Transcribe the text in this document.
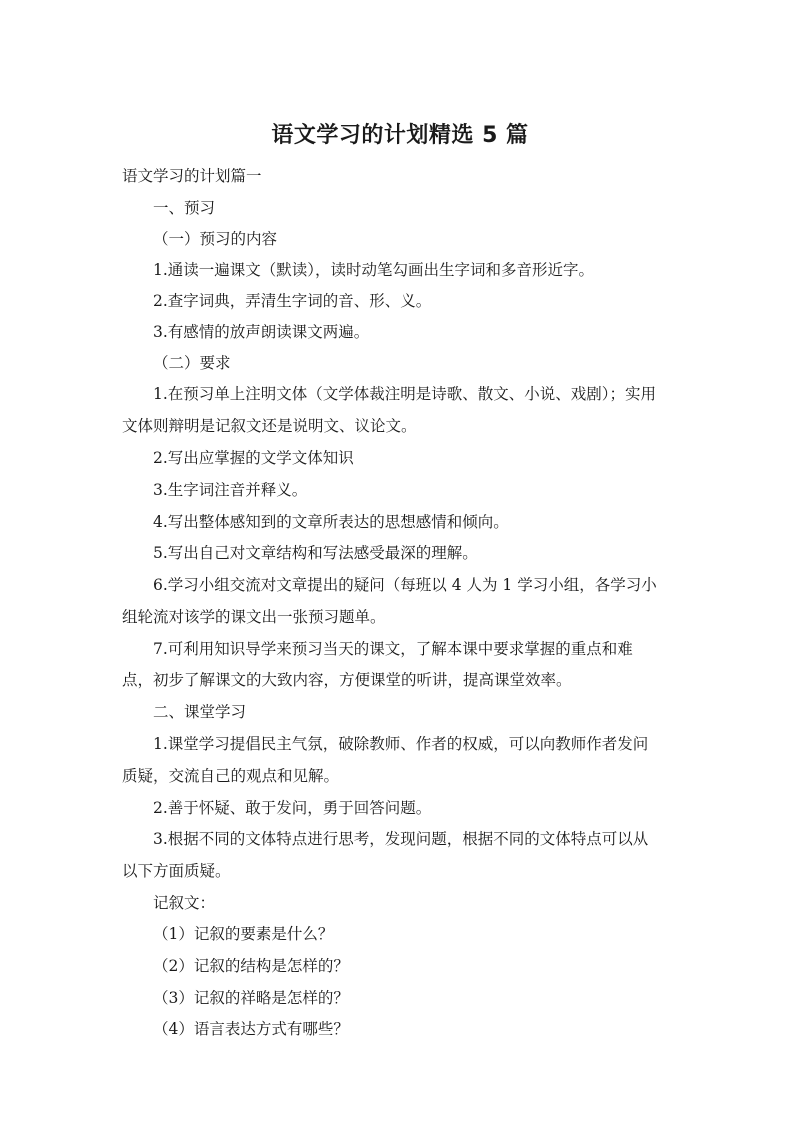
语文学习的计划精选 5 篇
语文学习的计划篇一
一、预习
（一）预习的内容
1.通读一遍课文（默读），读时动笔勾画出生字词和多音形近字。
2.查字词典，弄清生字词的音、形、义。
3.有感情的放声朗读课文两遍。
（二）要求
1.在预习单上注明文体（文学体裁注明是诗歌、散文、小说、戏剧）；实用
文体则辩明是记叙文还是说明文、议论文。
2.写出应掌握的文学文体知识
3.生字词注音并释义。
4.写出整体感知到的文章所表达的思想感情和倾向。
5.写出自己对文章结构和写法感受最深的理解。
6.学习小组交流对文章提出的疑问（每班以 4 人为 1 学习小组，各学习小
组轮流对该学的课文出一张预习题单。
7.可利用知识导学来预习当天的课文，了解本课中要求掌握的重点和难
点，初步了解课文的大致内容，方便课堂的听讲，提高课堂效率。
二、课堂学习
1.课堂学习提倡民主气氛，破除教师、作者的权威，可以向教师作者发问
质疑，交流自己的观点和见解。
2.善于怀疑、敢于发问，勇于回答问题。
3.根据不同的文体特点进行思考，发现问题，根据不同的文体特点可以从
以下方面质疑。
记叙文：
（1）记叙的要素是什么？
（2）记叙的结构是怎样的？
（3）记叙的祥略是怎样的？
（4）语言表达方式有哪些？
